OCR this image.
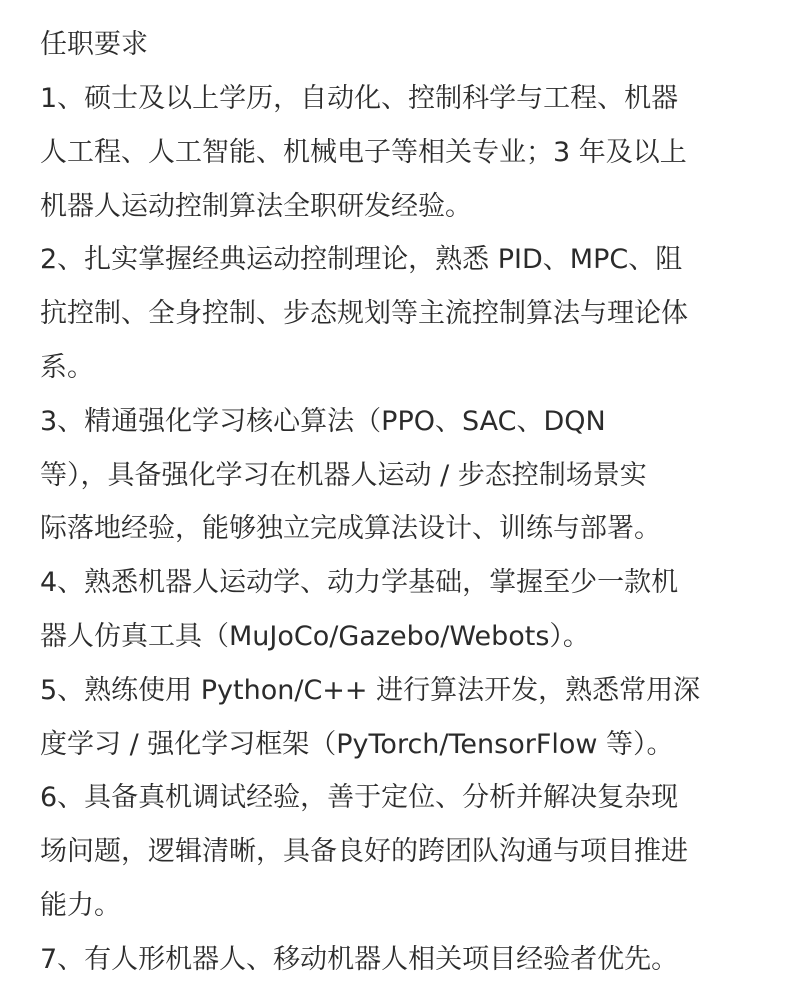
任职要求
1、硕士及以上学历，自动化、控制科学与工程、机器
人工程、人工智能、机械电子等相关专业；3 年及以上
机器人运动控制算法全职研发经验。
2、扎实掌握经典运动控制理论，熟悉 PID、MPC、阻
抗控制、全身控制、步态规划等主流控制算法与理论体
系。
3、精通强化学习核心算法（PPO、SAC、DQN
等），具备强化学习在机器人运动 / 步态控制场景实
际落地经验，能够独立完成算法设计、训练与部署。
4、熟悉机器人运动学、动力学基础，掌握至少一款机
器人仿真工具（MuJoCo/Gazebo/Webots）。
5、熟练使用 Python/C++ 进行算法开发，熟悉常用深
度学习 / 强化学习框架（PyTorch/TensorFlow 等）。
6、具备真机调试经验，善于定位、分析并解决复杂现
场问题，逻辑清晰，具备良好的跨团队沟通与项目推进
能力。
7、有人形机器人、移动机器人相关项目经验者优先。
